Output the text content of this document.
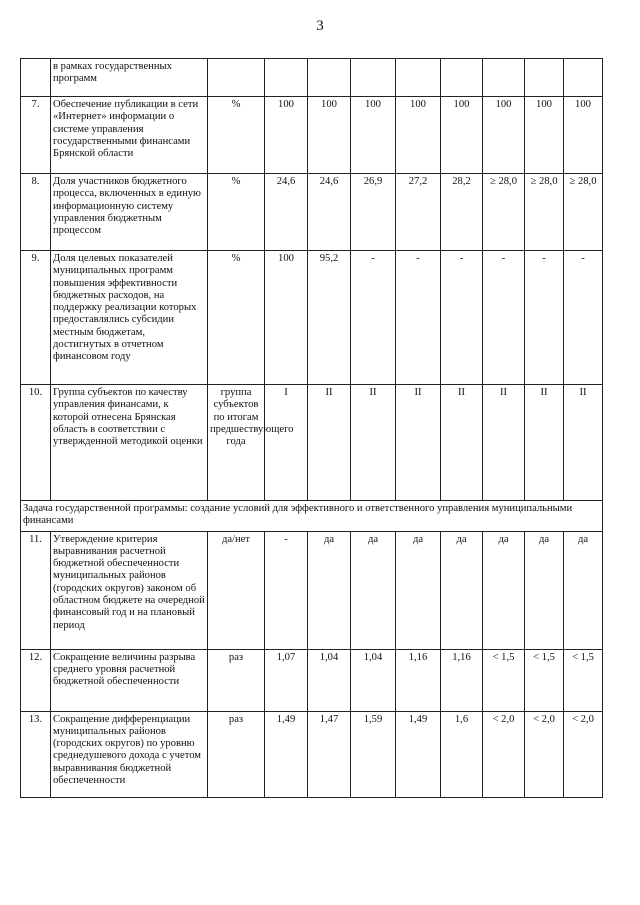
3
	в рамках государственных программ									
7.	Обеспечение публикации в сети «Интернет» информации о системе управления государственными финансами Брянской области	%	100	100	100	100	100	100	100	100
8.	Доля участников бюджетного процесса, включенных в единую информационную систему управления бюджетным процессом	%	24,6	24,6	26,9	27,2	28,2	≥ 28,0	≥ 28,0	≥ 28,0
9.	Доля целевых показателей муниципальных программ повышения эффективности бюджетных расходов, на поддержку реализации которых предоставлялись субсидии местным бюджетам, достигнутых в отчетном финансовом году	%	100	95,2	-	-	-	-	-	-
10.	Группа субъектов по качеству управления финансами, к которой отнесена Брянская область в соответствии с утвержденной методикой оценки	группа субъектов по итогам предшествующего года	I	II	II	II	II	II	II	II
Задача государственной программы: создание условий для эффективного и ответственного управления муниципальными финансами										
11.	Утверждение критерия выравнивания расчетной бюджетной обеспеченности муниципальных районов (городских округов) законом об областном бюджете на очередной финансовый год и на плановый период	да/нет	-	да	да	да	да	да	да	да
12.	Сокращение величины разрыва среднего уровня расчетной бюджетной обеспеченности	раз	1,07	1,04	1,04	1,16	1,16	< 1,5	< 1,5	< 1,5
13.	Сокращение дифференциации муниципальных районов (городских округов) по уровню среднедушевого дохода с учетом выравнивания бюджетной обеспеченности	раз	1,49	1,47	1,59	1,49	1,6	< 2,0	< 2,0	< 2,0
